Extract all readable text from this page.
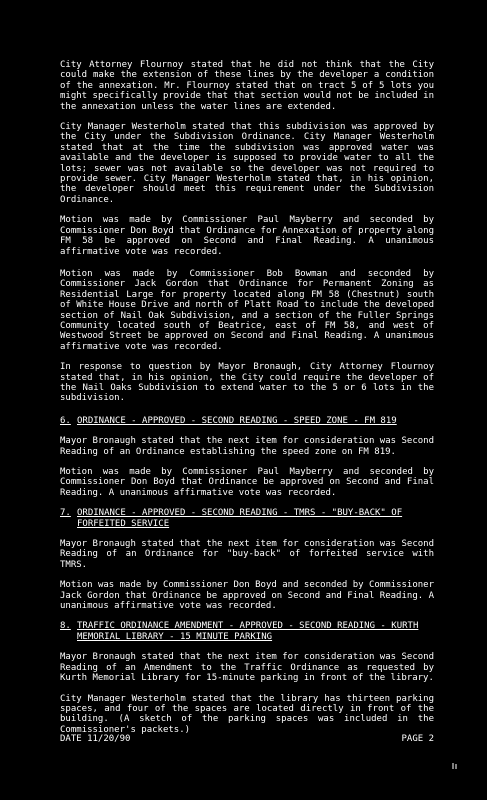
City Attorney Flournoy stated that he did not think that the City could make the extension of these lines by the developer a condition of the annexation. Mr. Flournoy stated that on tract 5 of 5 lots you might specifically provide that that section would not be included in the annexation unless the water lines are extended.

City Manager Westerholm stated that this subdivision was approved by the City under the Subdivision Ordinance. City Manager Westerholm stated that at the time the subdivision was approved water was available and the developer is supposed to provide water to all the lots; sewer was not available so the developer was not required to provide sewer. City Manager Westerholm stated that, in his opinion, the developer should meet this requirement under the Subdivision Ordinance.

Motion was made by Commissioner Paul Mayberry and seconded by Commissioner Don Boyd that Ordinance for Annexation of property along FM 58 be approved on Second and Final Reading. A unanimous affirmative vote was recorded.

Motion was made by Commissioner Bob Bowman and seconded by Commissioner Jack Gordon that Ordinance for Permanent Zoning as Residential Large for property located along FM 58 (Chestnut) south of White House Drive and north of Platt Road to include the developed section of Nail Oak Subdivision, and a section of the Fuller Springs Community located south of Beatrice, east of FM 58, and west of Westwood Street be approved on Second and Final Reading. A unanimous affirmative vote was recorded.

In response to question by Mayor Bronaugh, City Attorney Flournoy stated that, in his opinion, the City could require the developer of the Nail Oaks Subdivision to extend water to the 5 or 6 lots in the subdivision.

6. ORDINANCE - APPROVED - SECOND READING - SPEED ZONE - FM 819

Mayor Bronaugh stated that the next item for consideration was Second Reading of an Ordinance establishing the speed zone on FM 819.

Motion was made by Commissioner Paul Mayberry and seconded by Commissioner Don Boyd that Ordinance be approved on Second and Final Reading. A unanimous affirmative vote was recorded.

7. ORDINANCE - APPROVED - SECOND READING - TMRS - "BUY-BACK" OF FORFEITED SERVICE

Mayor Bronaugh stated that the next item for consideration was Second Reading of an Ordinance for "buy-back" of forfeited service with TMRS.

Motion was made by Commissioner Don Boyd and seconded by Commissioner Jack Gordon that Ordinance be approved on Second and Final Reading. A unanimous affirmative vote was recorded.

8. TRAFFIC ORDINANCE AMENDMENT - APPROVED - SECOND READING - KURTH MEMORIAL LIBRARY - 15 MINUTE PARKING

Mayor Bronaugh stated that the next item for consideration was Second Reading of an Amendment to the Traffic Ordinance as requested by Kurth Memorial Library for 15-minute parking in front of the library.

City Manager Westerholm stated that the library has thirteen parking spaces, and four of the spaces are located directly in front of the building. (A sketch of the parking spaces was included in the Commissioner's packets.)

DATE 11/20/90	PAGE 2
